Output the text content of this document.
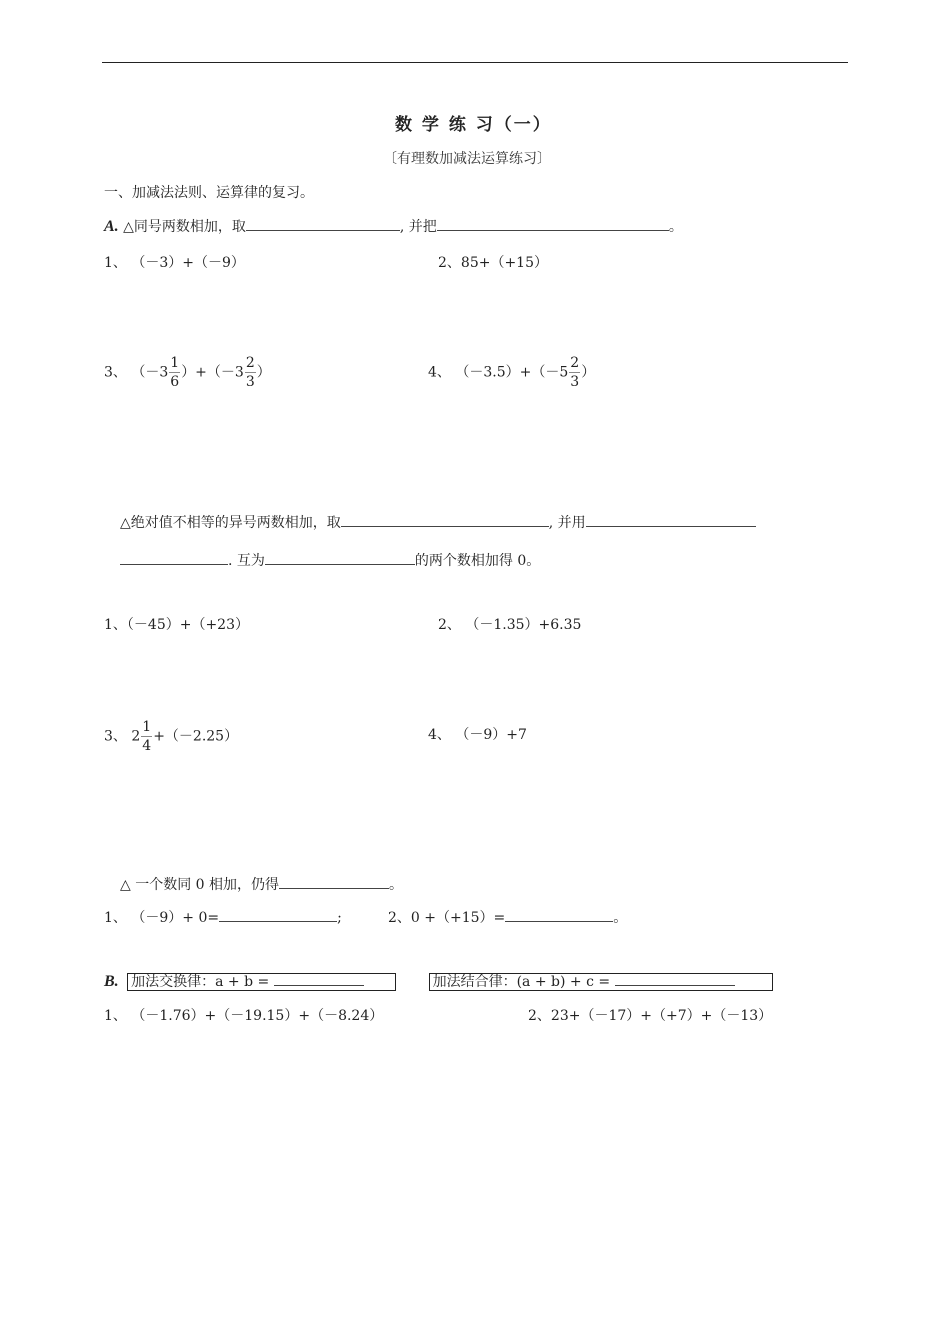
数 学 练 习（一）
〔有理数加减法运算练习〕
一、加减法法则、运算律的复习。
A. △同号两数相加，取	, 并把	。
1、 （－3）+（－9）	2、85+（+15）
3、 $(-3 \frac{1}{6} )+(-3 \frac{2}{3}$ ）	4、 $(-3.5)+(-5 \frac{2}{3}$ ）
△绝对值不相等的异号两数相加，取	, 并用
. 互为	的两个数相加得 0。
1、（－45）+（+23）	2、 （－1.35）+6.35
3、 $2 \frac{1}{4} +(-2.25)$	4、 （－9）+7
△ 一个数同 0 相加，仍得	。
1、 （－9）+ 0=	;	2、0 +（+15）=	。
B. 加法交换律：a + b =	加法结合律：(a + b) + c =
1、 （－1.76）+（－19.15）+（－8.24）	2、23+（－17）+（+7）+（－13）
